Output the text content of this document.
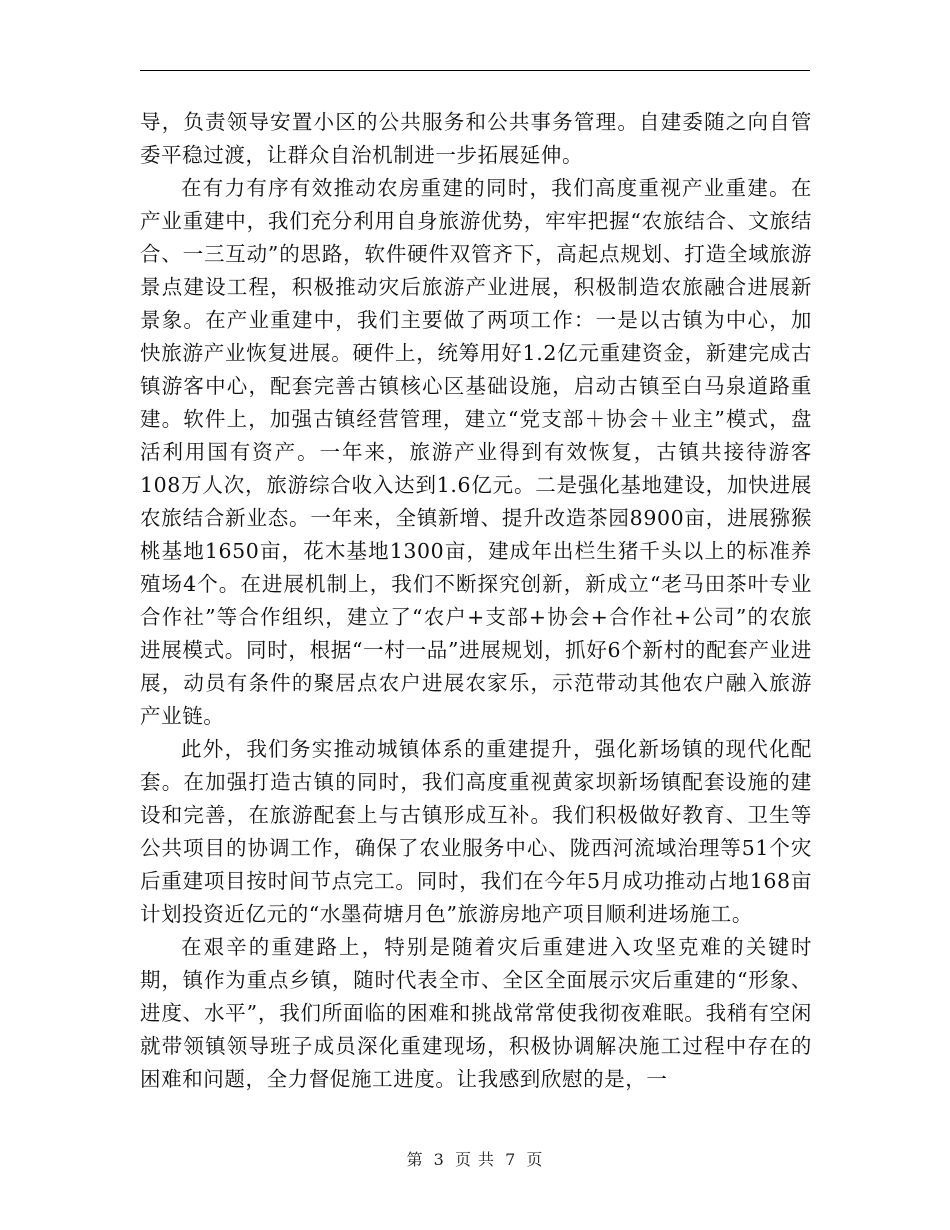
导，负责领导安置小区的公共服务和公共事务管理。自建委随之向自管委平稳过渡，让群众自治机制进一步拓展延伸。

在有力有序有效推动农房重建的同时，我们高度重视产业重建。在产业重建中，我们充分利用自身旅游优势，牢牢把握“农旅结合、文旅结合、一三互动”的思路，软件硬件双管齐下，高起点规划、打造全域旅游景点建设工程，积极推动灾后旅游产业进展，积极制造农旅融合进展新景象。在产业重建中，我们主要做了两项工作：一是以古镇为中心，加快旅游产业恢复进展。硬件上，统筹用好1.2亿元重建资金，新建完成古镇游客中心，配套完善古镇核心区基础设施，启动古镇至白马泉道路重建。软件上，加强古镇经营管理，建立“党支部＋协会＋业主”模式，盘活利用国有资产。一年来，旅游产业得到有效恢复，古镇共接待游客108万人次，旅游综合收入达到1.6亿元。二是强化基地建设，加快进展农旅结合新业态。一年来，全镇新增、提升改造茶园8900亩，进展猕猴桃基地1650亩，花木基地1300亩，建成年出栏生猪千头以上的标准养殖场4个。在进展机制上，我们不断探究创新，新成立“老马田茶叶专业合作社”等合作组织，建立了“农户+支部+协会+合作社+公司”的农旅进展模式。同时，根据“一村一品”进展规划，抓好6个新村的配套产业进展，动员有条件的聚居点农户进展农家乐，示范带动其他农户融入旅游产业链。

此外，我们务实推动城镇体系的重建提升，强化新场镇的现代化配套。在加强打造古镇的同时，我们高度重视黄家坝新场镇配套设施的建设和完善，在旅游配套上与古镇形成互补。我们积极做好教育、卫生等公共项目的协调工作，确保了农业服务中心、陇西河流域治理等51个灾后重建项目按时间节点完工。同时，我们在今年5月成功推动占地168亩计划投资近亿元的“水墨荷塘月色”旅游房地产项目顺利进场施工。

在艰辛的重建路上，特别是随着灾后重建进入攻坚克难的关键时期，镇作为重点乡镇，随时代表全市、全区全面展示灾后重建的“形象、进度、水平”，我们所面临的困难和挑战常常使我彻夜难眠。我稍有空闲就带领镇领导班子成员深化重建现场，积极协调解决施工过程中存在的困难和问题，全力督促施工进度。让我感到欣慰的是，一

第 3 页 共 7 页
